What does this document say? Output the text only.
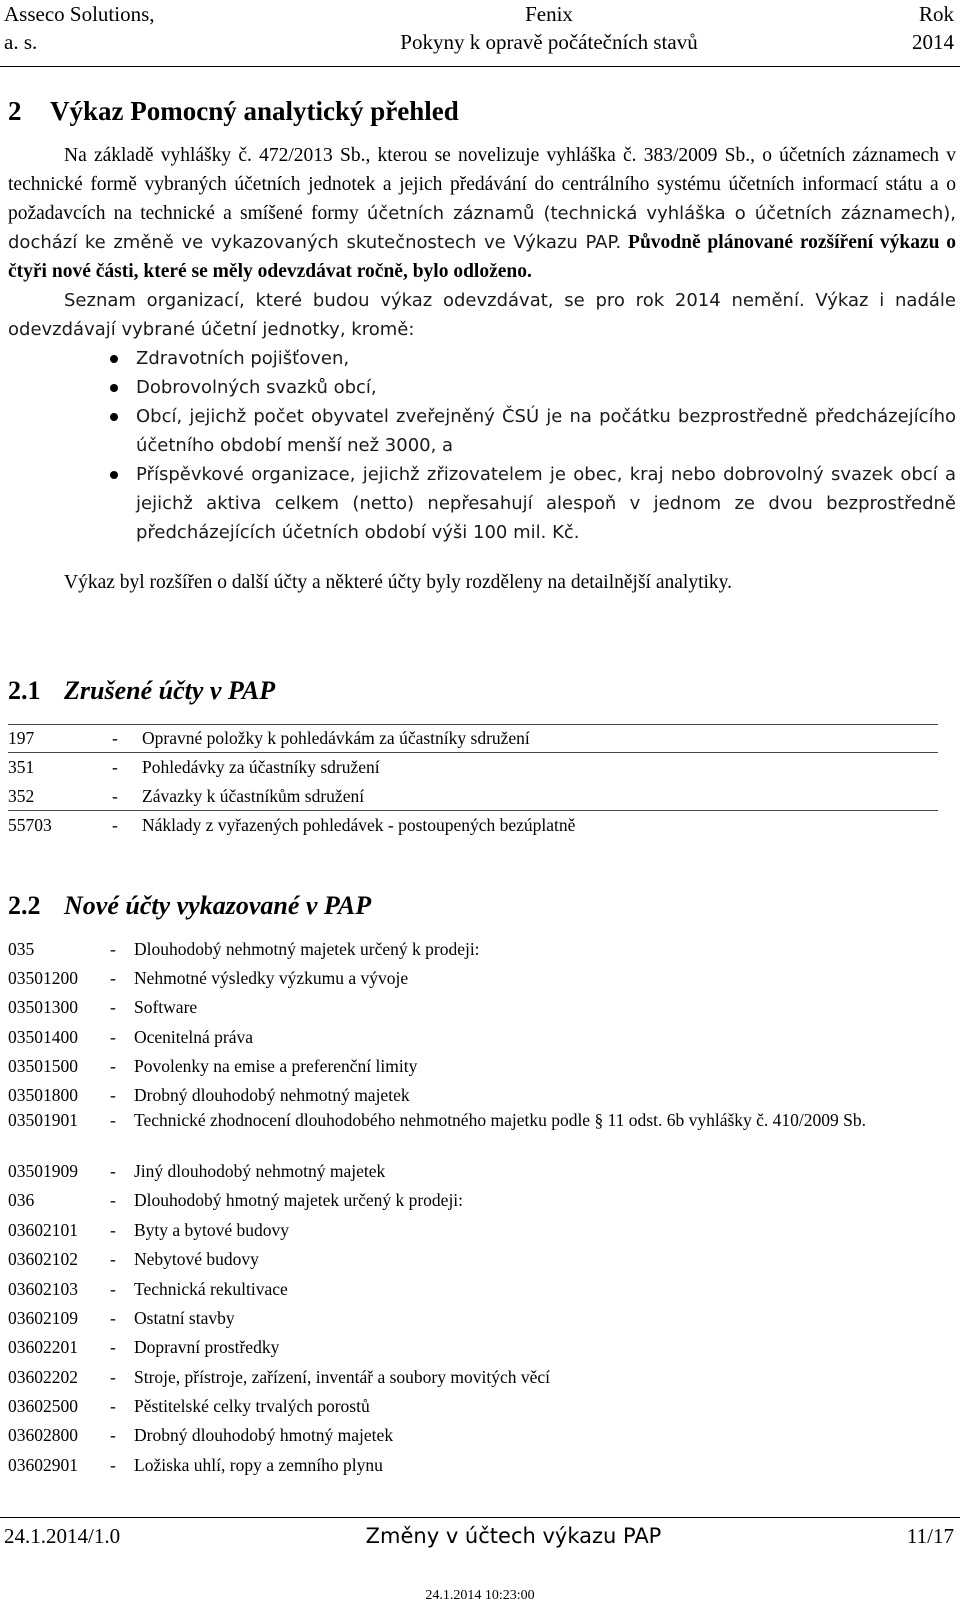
Asseco Solutions,
a. s.
Fenix
Pokyny k opravě počátečních stavů
Rok
2014
2 Výkaz Pomocný analytický přehled

Na základě vyhlášky č. 472/2013 Sb., kterou se novelizuje vyhláška č. 383/2009 Sb., o účetních záznamech v technické formě vybraných účetních jednotek a jejich předávání do centrálního systému účetních informací státu a o požadavcích na technické a smíšené formy účetních záznamů (technická vyhláška o účetních záznamech), dochází ke změně ve vykazovaných skutečnostech ve Výkazu PAP. Původně plánované rozšíření výkazu o čtyři nové části, které se měly odevzdávat ročně, bylo odloženo.

Seznam organizací, které budou výkaz odevzdávat, se pro rok 2014 nemění. Výkaz i nadále odevzdávají vybrané účetní jednotky, kromě:

Zdravotních pojišťoven,
Dobrovolných svazků obcí,
Obcí, jejichž počet obyvatel zveřejněný ČSÚ je na počátku bezprostředně předcházejícího účetního období menší než 3000, a
Příspěvkové organizace, jejichž zřizovatelem je obec, kraj nebo dobrovolný svazek obcí a jejichž aktiva celkem (netto) nepřesahují alespoň v jednom ze dvou bezprostředně předcházejících účetních období výši 100 mil. Kč.

Výkaz byl rozšířen o další účty a některé účty byly rozděleny na detailnější analytiky.

2.1 Zrušené účty v PAP
197	-	Opravné položky k pohledávkám za účastníky sdružení
351	-	Pohledávky za účastníky sdružení
352	-	Závazky k účastníkům sdružení
55703	-	Náklady z vyřazených pohledávek - postoupených bezúplatně
2.2 Nové účty vykazované v PAP
035	-	Dlouhodobý nehmotný majetek určený k prodeji:
03501200	-	Nehmotné výsledky výzkumu a vývoje
03501300	-	Software
03501400	-	Ocenitelná práva
03501500	-	Povolenky na emise a preferenční limity
03501800	-	Drobný dlouhodobý nehmotný majetek
03501901	-	Technické zhodnocení dlouhodobého nehmotného majetku podle § 11 odst. 6b vyhlášky č. 410/2009 Sb.
03501909	-	Jiný dlouhodobý nehmotný majetek
036	-	Dlouhodobý hmotný majetek určený k prodeji:
03602101	-	Byty a bytové budovy
03602102	-	Nebytové budovy
03602103	-	Technická rekultivace
03602109	-	Ostatní stavby
03602201	-	Dopravní prostředky
03602202	-	Stroje, přístroje, zařízení, inventář a soubory movitých věcí
03602500	-	Pěstitelské celky trvalých porostů
03602800	-	Drobný dlouhodobý hmotný majetek
03602901	-	Ložiska uhlí, ropy a zemního plynu
24.1.2014/1.0	Změny v účtech výkazu PAP	11/17
24.1.2014 10:23:00
